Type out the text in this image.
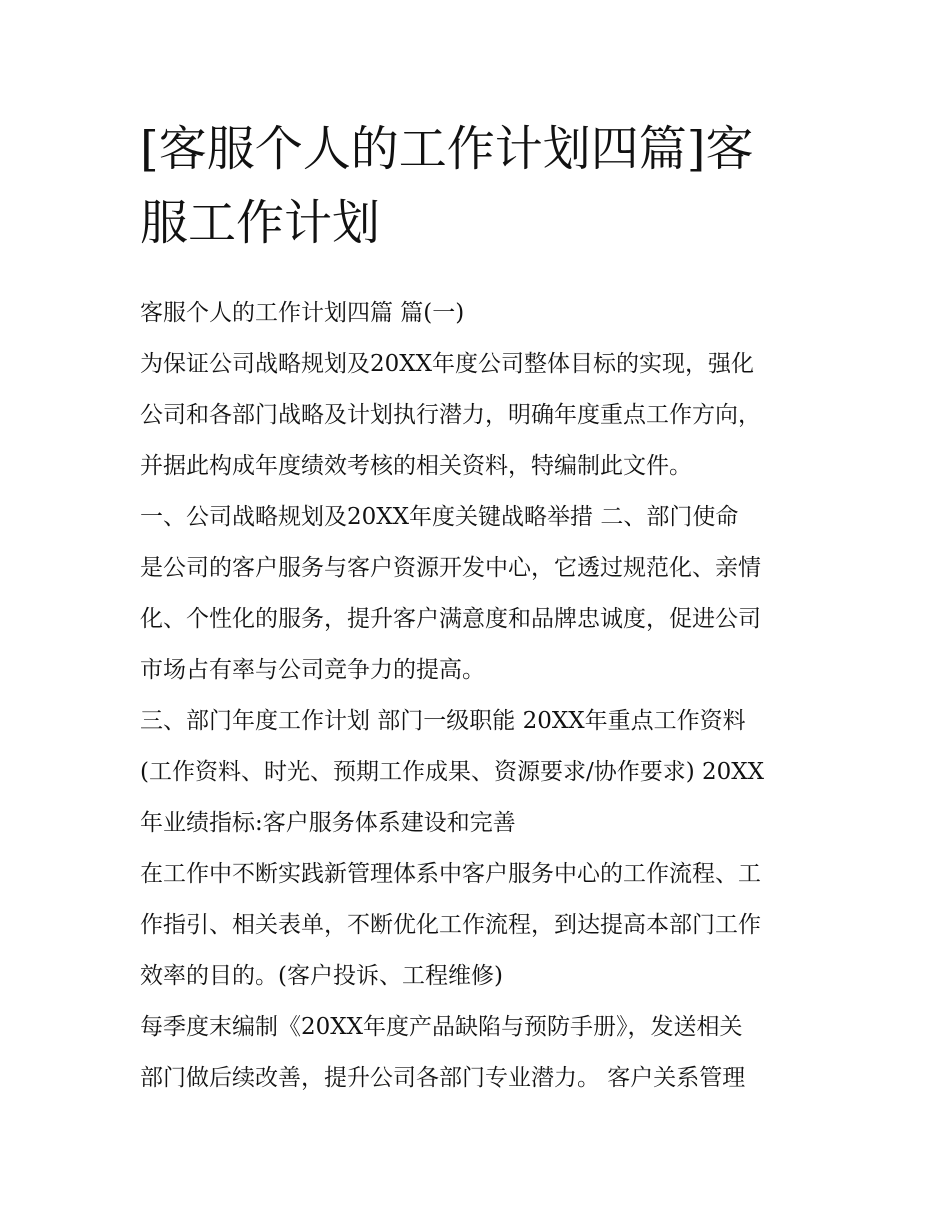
[客服个人的工作计划四篇]客
服工作计划
客服个人的工作计划四篇 篇(一)
为保证公司战略规划及20XX年度公司整体目标的实现，强化
公司和各部门战略及计划执行潜力，明确年度重点工作方向，
并据此构成年度绩效考核的相关资料，特编制此文件。
一、公司战略规划及20XX年度关键战略举措 二、部门使命
是公司的客户服务与客户资源开发中心，它透过规范化、亲情
化、个性化的服务，提升客户满意度和品牌忠诚度，促进公司
市场占有率与公司竞争力的提高。
三、部门年度工作计划 部门一级职能 20XX年重点工作资料
(工作资料、时光、预期工作成果、资源要求/协作要求) 20XX
年业绩指标:客户服务体系建设和完善
在工作中不断实践新管理体系中客户服务中心的工作流程、工
作指引、相关表单，不断优化工作流程，到达提高本部门工作
效率的目的。(客户投诉、工程维修)
每季度末编制《20XX年度产品缺陷与预防手册》，发送相关
部门做后续改善，提升公司各部门专业潜力。 客户关系管理
